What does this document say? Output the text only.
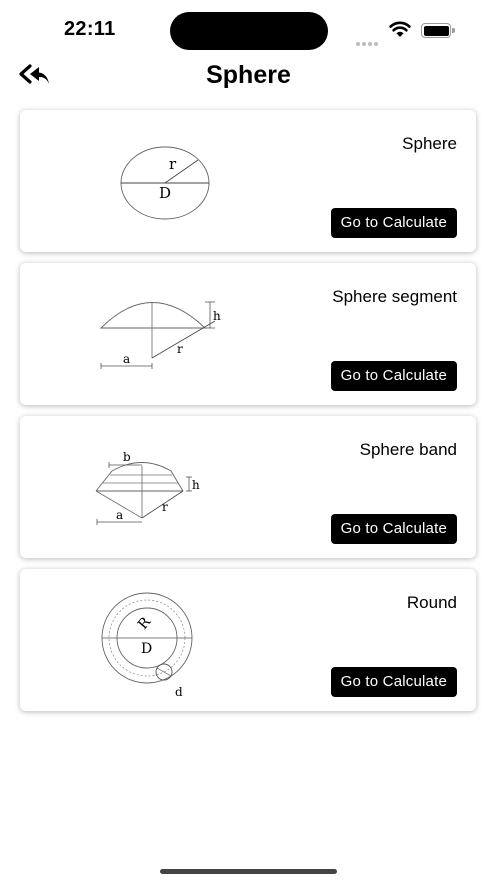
22:11
Sphere
r
D
Sphere
Go to Calculate
h
a
r
Sphere segment
Go to Calculate
b
h
a
r
Sphere band
Go to Calculate
R
D
d
Round
Go to Calculate
